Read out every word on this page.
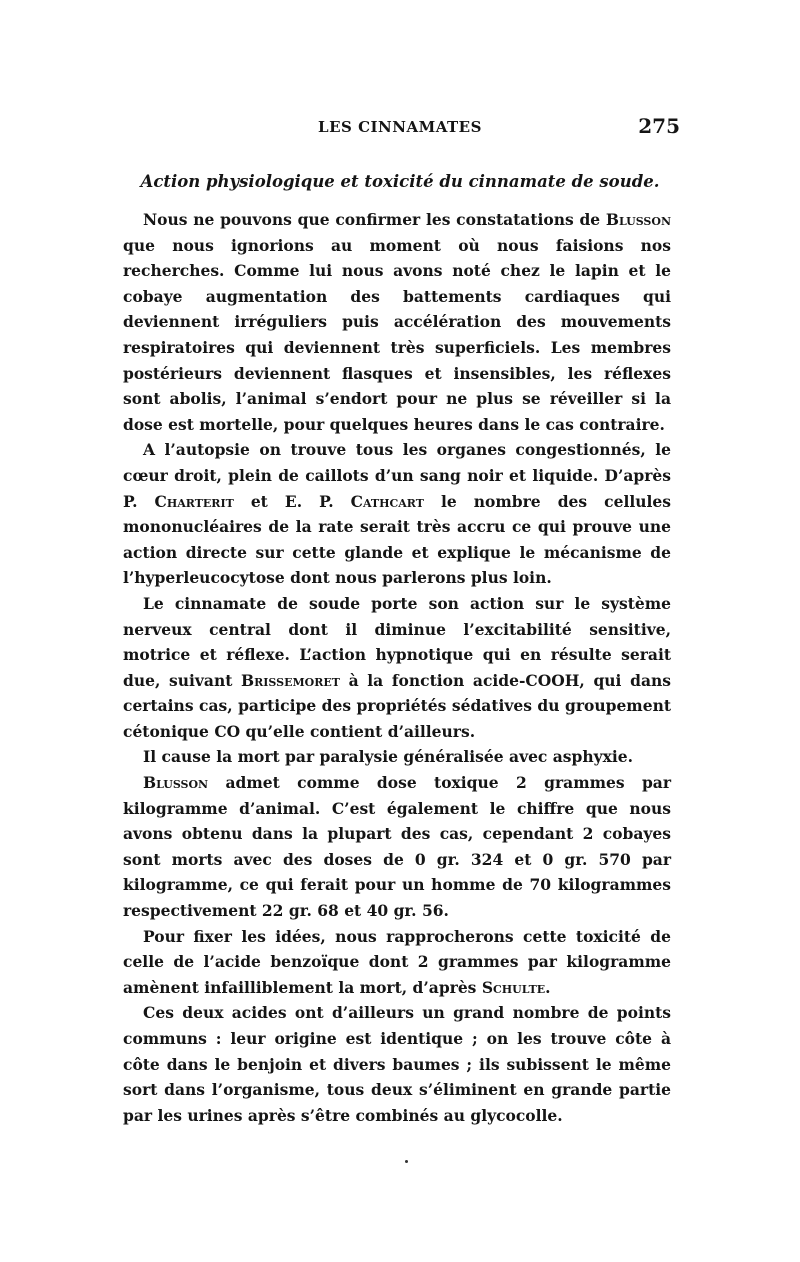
LES CINNAMATES	275
Action physiologique et toxicité du cinnamate de soude.

Nous ne pouvons que confirmer les constatations de Blusson que nous ignorions au moment où nous faisions nos recherches. Comme lui nous avons noté chez le lapin et le cobaye augmentation des battements cardiaques qui deviennent irréguliers puis accélération des mouvements respiratoires qui deviennent très superficiels. Les membres postérieurs deviennent flasques et insensibles, les réflexes sont abolis, l’animal s’endort pour ne plus se réveiller si la dose est mortelle, pour quelques heures dans le cas contraire.

A l’autopsie on trouve tous les organes congestionnés, le cœur droit, plein de caillots d’un sang noir et liquide. D’après P. Charterit et E. P. Cathcart le nombre des cellules mononucléaires de la rate serait très accru ce qui prouve une action directe sur cette glande et explique le mécanisme de l’hyperleucocytose dont nous parlerons plus loin.

Le cinnamate de soude porte son action sur le système nerveux central dont il diminue l’excitabilité sensitive, motrice et réflexe. L’action hypnotique qui en résulte serait due, suivant Brissemoret à la fonction acide-COOH, qui dans certains cas, participe des propriétés sédatives du groupement cétonique CO qu’elle contient d’ailleurs.

Il cause la mort par paralysie généralisée avec asphyxie.

Blusson admet comme dose toxique 2 grammes par kilogramme d’animal. C’est également le chiffre que nous avons obtenu dans la plupart des cas, cependant 2 cobayes sont morts avec des doses de 0 gr. 324 et 0 gr. 570 par kilogramme, ce qui ferait pour un homme de 70 kilogrammes respectivement 22 gr. 68 et 40 gr. 56.

Pour fixer les idées, nous rapprocherons cette toxicité de celle de l’acide benzoïque dont 2 grammes par kilogramme amènent infailliblement la mort, d’après Schulte.

Ces deux acides ont d’ailleurs un grand nombre de points communs : leur origine est identique ; on les trouve côte à côte dans le benjoin et divers baumes ; ils subissent le même sort dans l’organisme, tous deux s’éliminent en grande partie par les urines après s’être combinés au glycocolle.
